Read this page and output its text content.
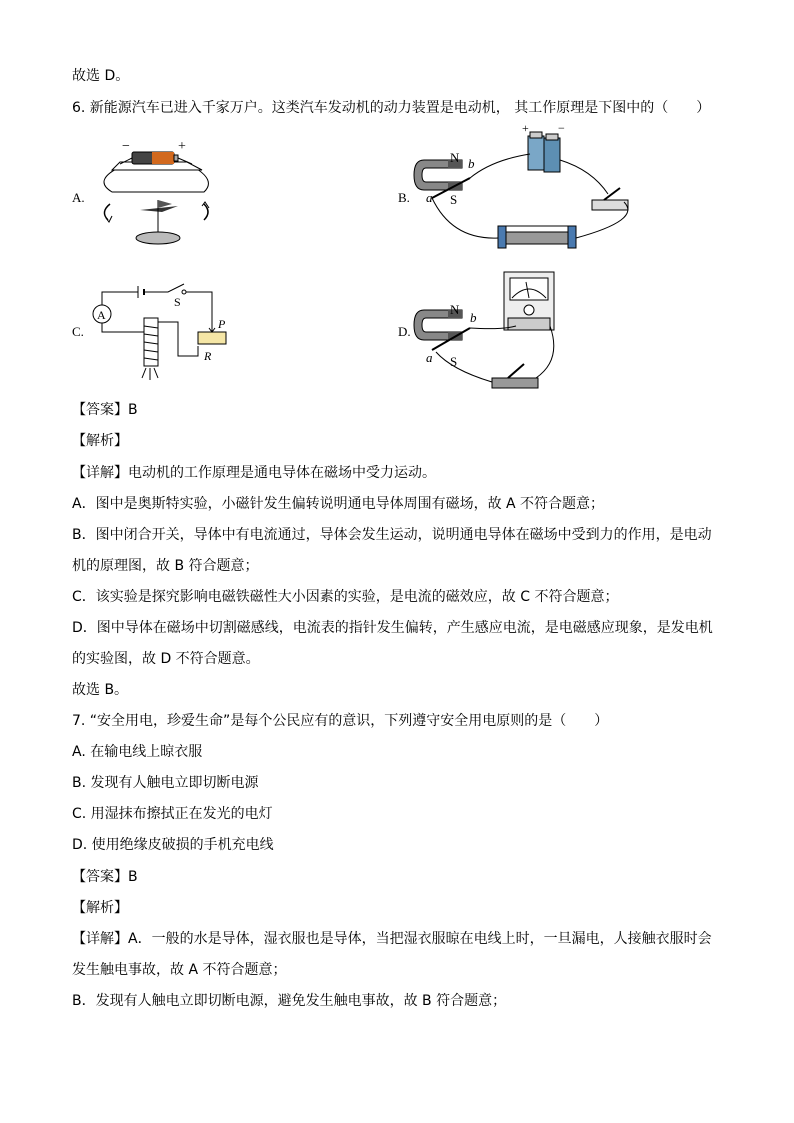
故选 D。
6. 新能源汽车已进入千家万户。这类汽车发动机的动力装置是电动机， 其工作原理是下图中的（　　）
A.
−	+
B.
N
S
a
b
+ −
C.
A
S
P
R
D.
N
S
a
b
【答案】B
【解析】
【详解】电动机的工作原理是通电导体在磁场中受力运动。
A．图中是奥斯特实验，小磁针发生偏转说明通电导体周围有磁场，故 A 不符合题意；
B．图中闭合开关，导体中有电流通过，导体会发生运动，说明通电导体在磁场中受到力的作用，是电动
机的原理图，故 B 符合题意；
C．该实验是探究影响电磁铁磁性大小因素的实验，是电流的磁效应，故 C 不符合题意；
D．图中导体在磁场中切割磁感线，电流表的指针发生偏转，产生感应电流，是电磁感应现象，是发电机
的实验图，故 D 不符合题意。
故选 B。
7. “安全用电，珍爱生命”是每个公民应有的意识，下列遵守安全用电原则的是（　　）
A. 在输电线上晾衣服
B. 发现有人触电立即切断电源
C. 用湿抹布擦拭正在发光的电灯
D. 使用绝缘皮破损的手机充电线
【答案】B
【解析】
【详解】A．一般的水是导体，湿衣服也是导体，当把湿衣服晾在电线上时，一旦漏电，人接触衣服时会
发生触电事故，故 A 不符合题意；
B．发现有人触电立即切断电源，避免发生触电事故，故 B 符合题意；
